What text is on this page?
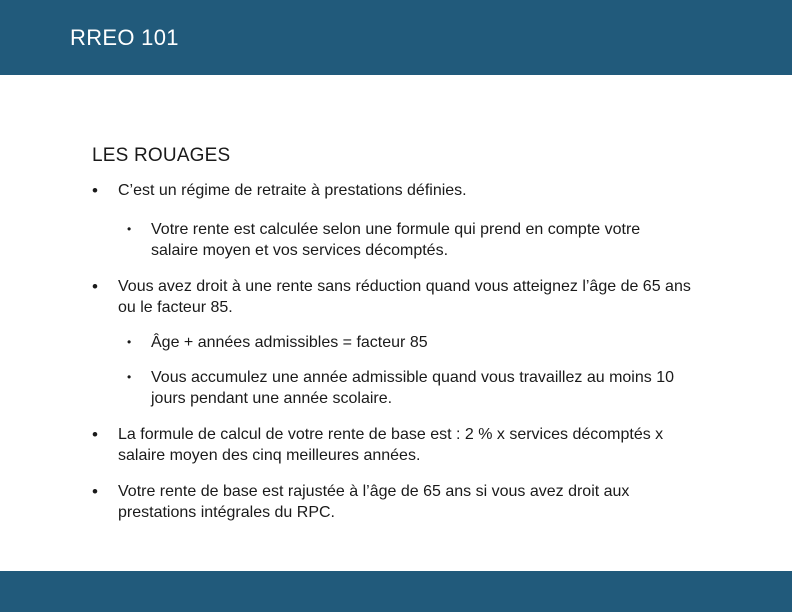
RREO 101
LES ROUAGES
• C’est un régime de retraite à prestations définies.
• Votre rente est calculée selon une formule qui prend en compte votre salaire moyen et vos services décomptés.
• Vous avez droit à une rente sans réduction quand vous atteignez l’âge de 65 ans ou le facteur 85.
• Âge + années admissibles = facteur 85
• Vous accumulez une année admissible quand vous travaillez au moins 10 jours pendant une année scolaire.
• La formule de calcul de votre rente de base est : 2 % x services décomptés x salaire moyen des cinq meilleures années.
• Votre rente de base est rajustée à l’âge de 65 ans si vous avez droit aux prestations intégrales du RPC.
